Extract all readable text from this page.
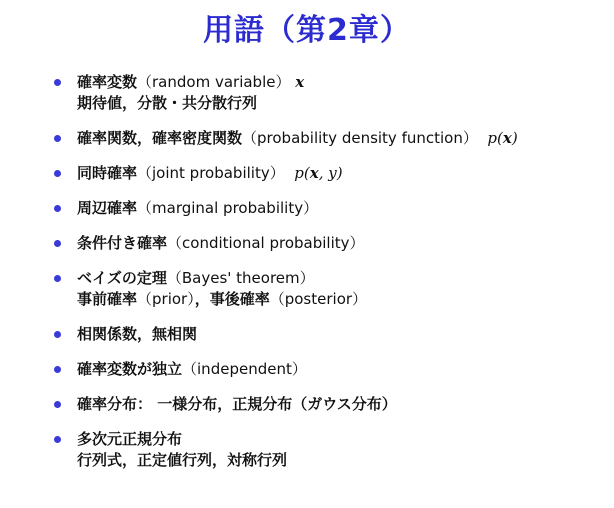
用語（第2章）
確率変数（random variable） x
期待値，分散・共分散行列
確率関数，確率密度関数（probability density function） p(x)
同時確率（joint probability） p(x, y)
周辺確率（marginal probability）
条件付き確率（conditional probability）
ベイズの定理（Bayes' theorem）
事前確率（prior），事後確率（posterior）
相関係数，無相関
確率変数が独立（independent）
確率分布： 一様分布，正規分布（ガウス分布）
多次元正規分布
行列式，正定値行列，対称行列
